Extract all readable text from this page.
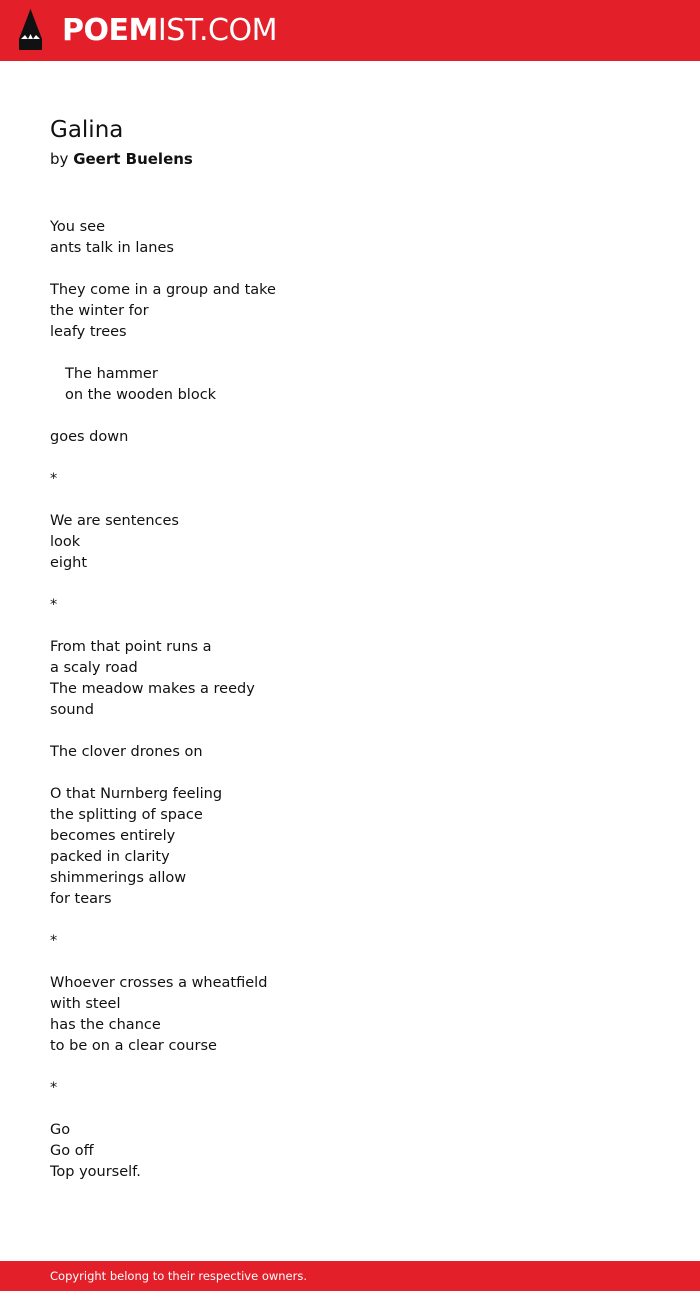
POEMIST.COM
Galina
by Geert Buelens
You see
ants talk in lanes
They come in a group and take
the winter for
leafy trees
The hammer
on the wooden block
goes down
*
We are sentences
look
eight
*
From that point runs a
a scaly road
The meadow makes a reedy
sound
The clover drones on
O that Nurnberg feeling
the splitting of space
becomes entirely
packed in clarity
shimmerings allow
for tears
*
Whoever crosses a wheatfield
with steel
has the chance
to be on a clear course
*
Go
Go off
Top yourself.
Copyright belong to their respective owners.
